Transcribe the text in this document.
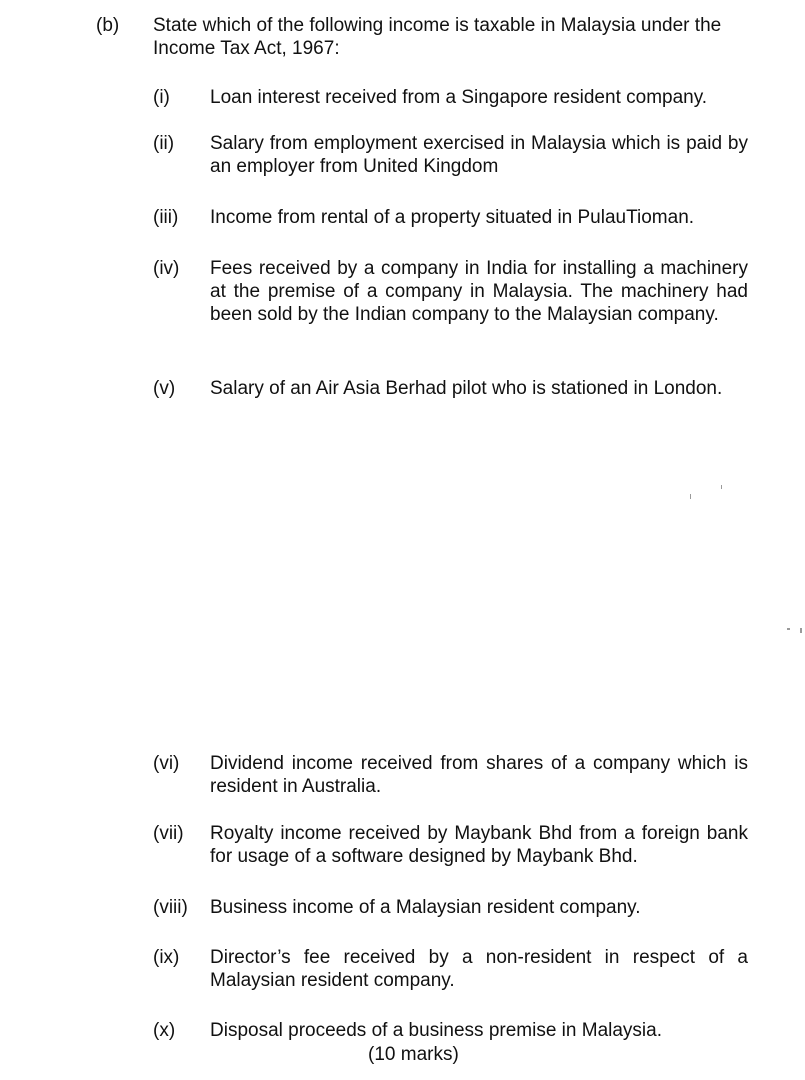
(b) State which of the following income is taxable in Malaysia under the Income Tax Act, 1967:
(i)	Loan interest received from a Singapore resident company.
(ii)	Salary from employment exercised in Malaysia which is paid by an employer from United Kingdom
(iii)	Income from rental of a property situated in PulauTioman.
(iv)	Fees received by a company in India for installing a machinery at the premise of a company in Malaysia. The machinery had been sold by the Indian company to the Malaysian company.
(v)	Salary of an Air Asia Berhad pilot who is stationed in London.
(vi)	Dividend income received from shares of a company which is resident in Australia.
(vii)	Royalty income received by Maybank Bhd from a foreign bank for usage of a software designed by Maybank Bhd.
(viii)	Business income of a Malaysian resident company.
(ix)	Director’s fee received by a non-resident in respect of a Malaysian resident company.
(x)	Disposal proceeds of a business premise in Malaysia.
(10 marks)
